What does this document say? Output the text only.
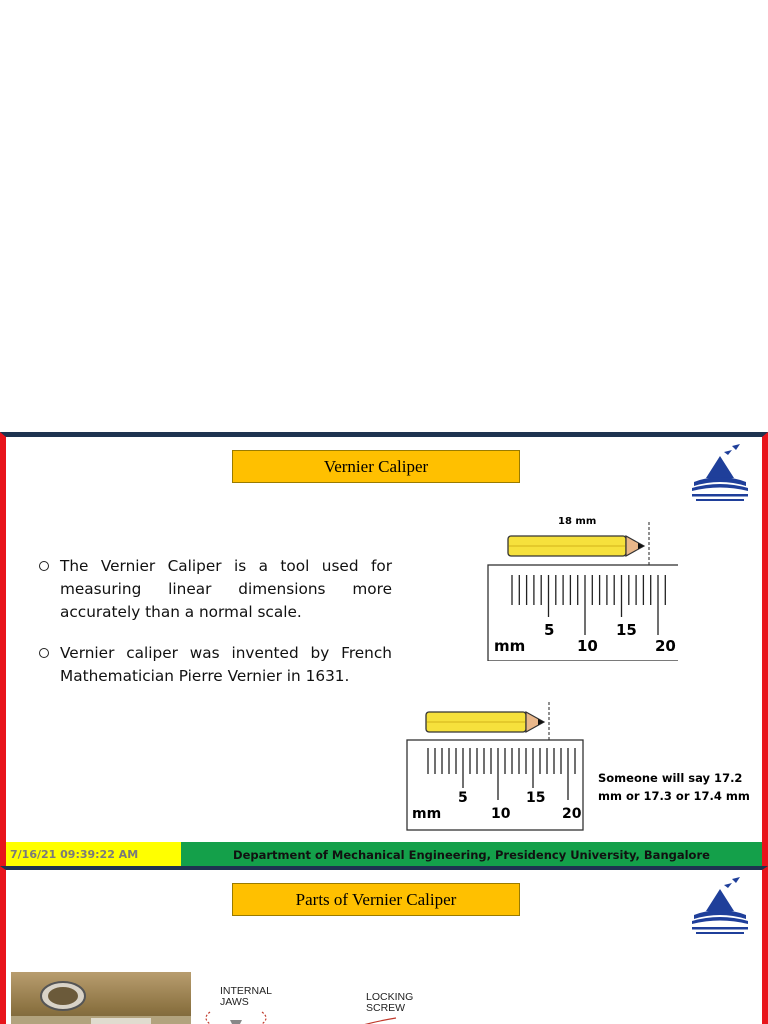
Vernier Caliper
The Vernier Caliper is a tool used for measuring linear dimensions more accurately than a normal scale.
Vernier caliper was invented by French Mathematician Pierre Vernier in 1631.
18 mm
mm
5
10
15
20
mm
5
10
15
20
Someone will say 17.2 mm or 17.3 or 17.4 mm
7/16/21 09:39:22 AM	Department of Mechanical Engineering, Presidency University, Bangalore
Parts of Vernier Caliper
INTERNAL
JAWS	LOCKING
SCREW
